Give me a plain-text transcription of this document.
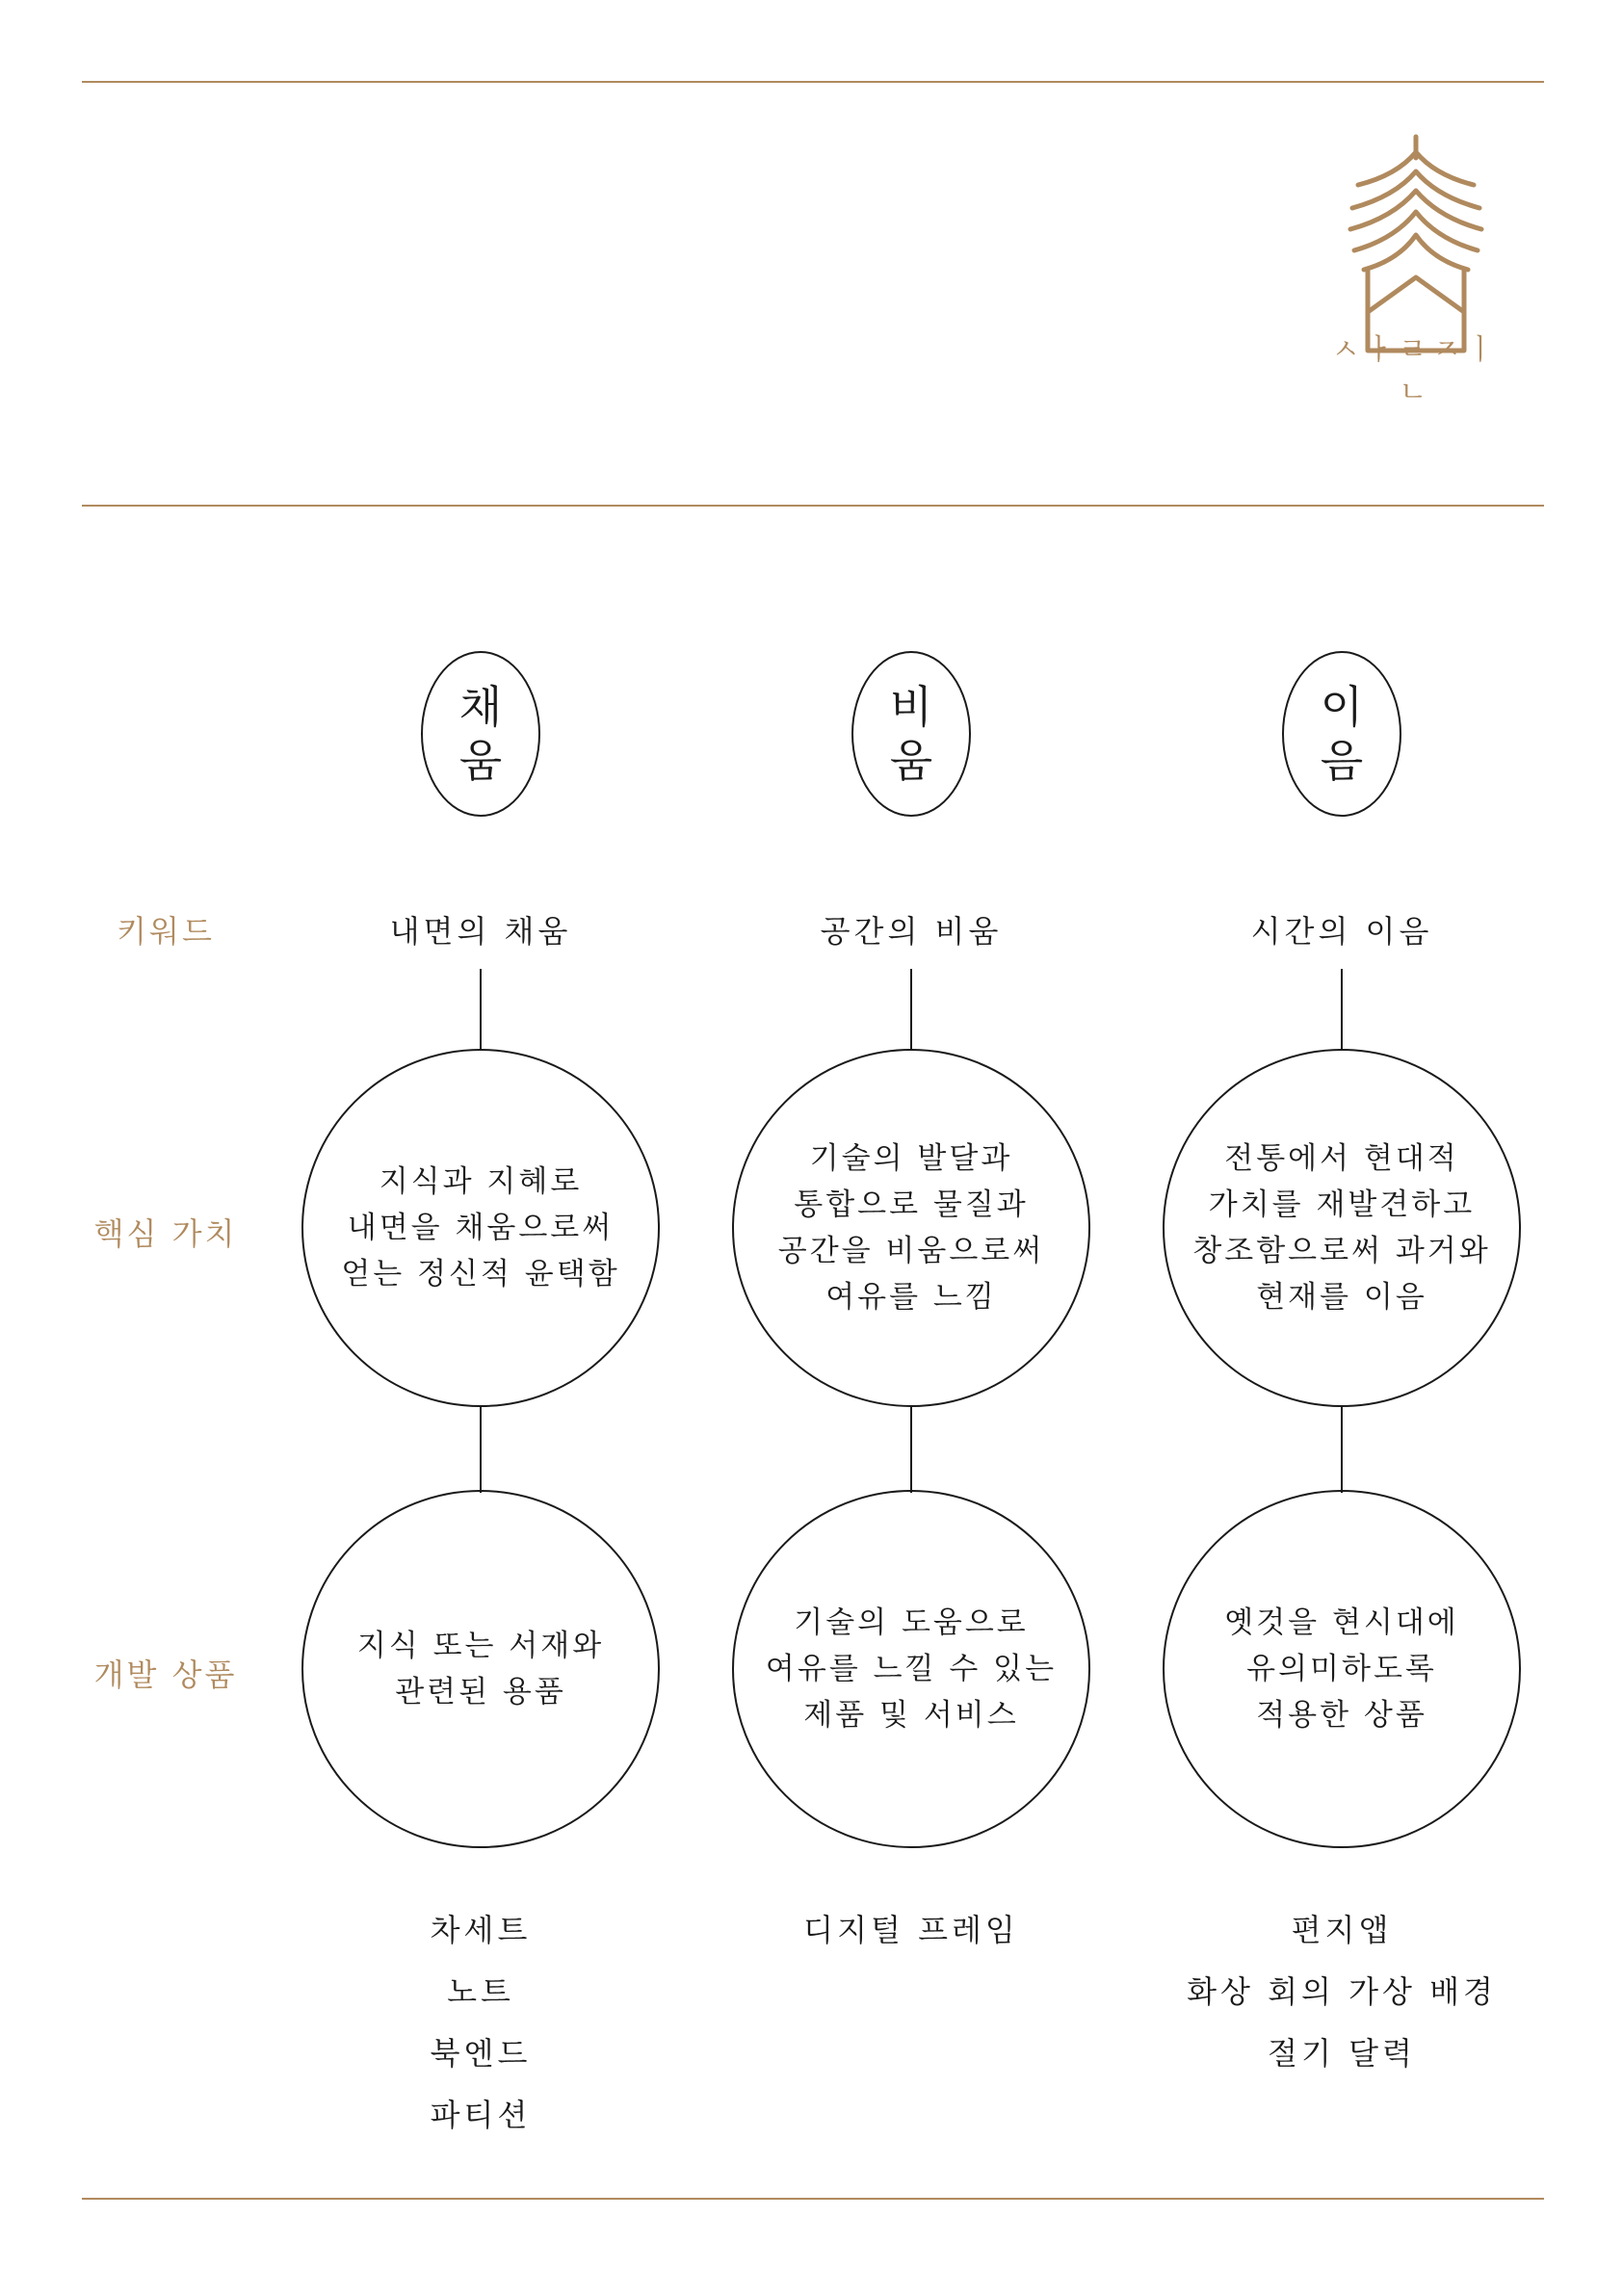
ㅅㅏㄹㅈㅣㄴ
키워드
핵심 가치
개발 상품
채
움
내면의 채움
지식과 지혜로
내면을 채움으로써
얻는 정신적 윤택함
지식 또는 서재와
관련된 용품
차세트
노트
북엔드
파티션
비
움
공간의 비움
기술의 발달과
통합으로 물질과
공간을 비움으로써
여유를 느낌
기술의 도움으로
여유를 느낄 수 있는
제품 및 서비스
디지털 프레임
이
음
시간의 이음
전통에서 현대적
가치를 재발견하고
창조함으로써 과거와
현재를 이음
옛것을 현시대에
유의미하도록
적용한 상품
편지앱
화상 회의 가상 배경
절기 달력
